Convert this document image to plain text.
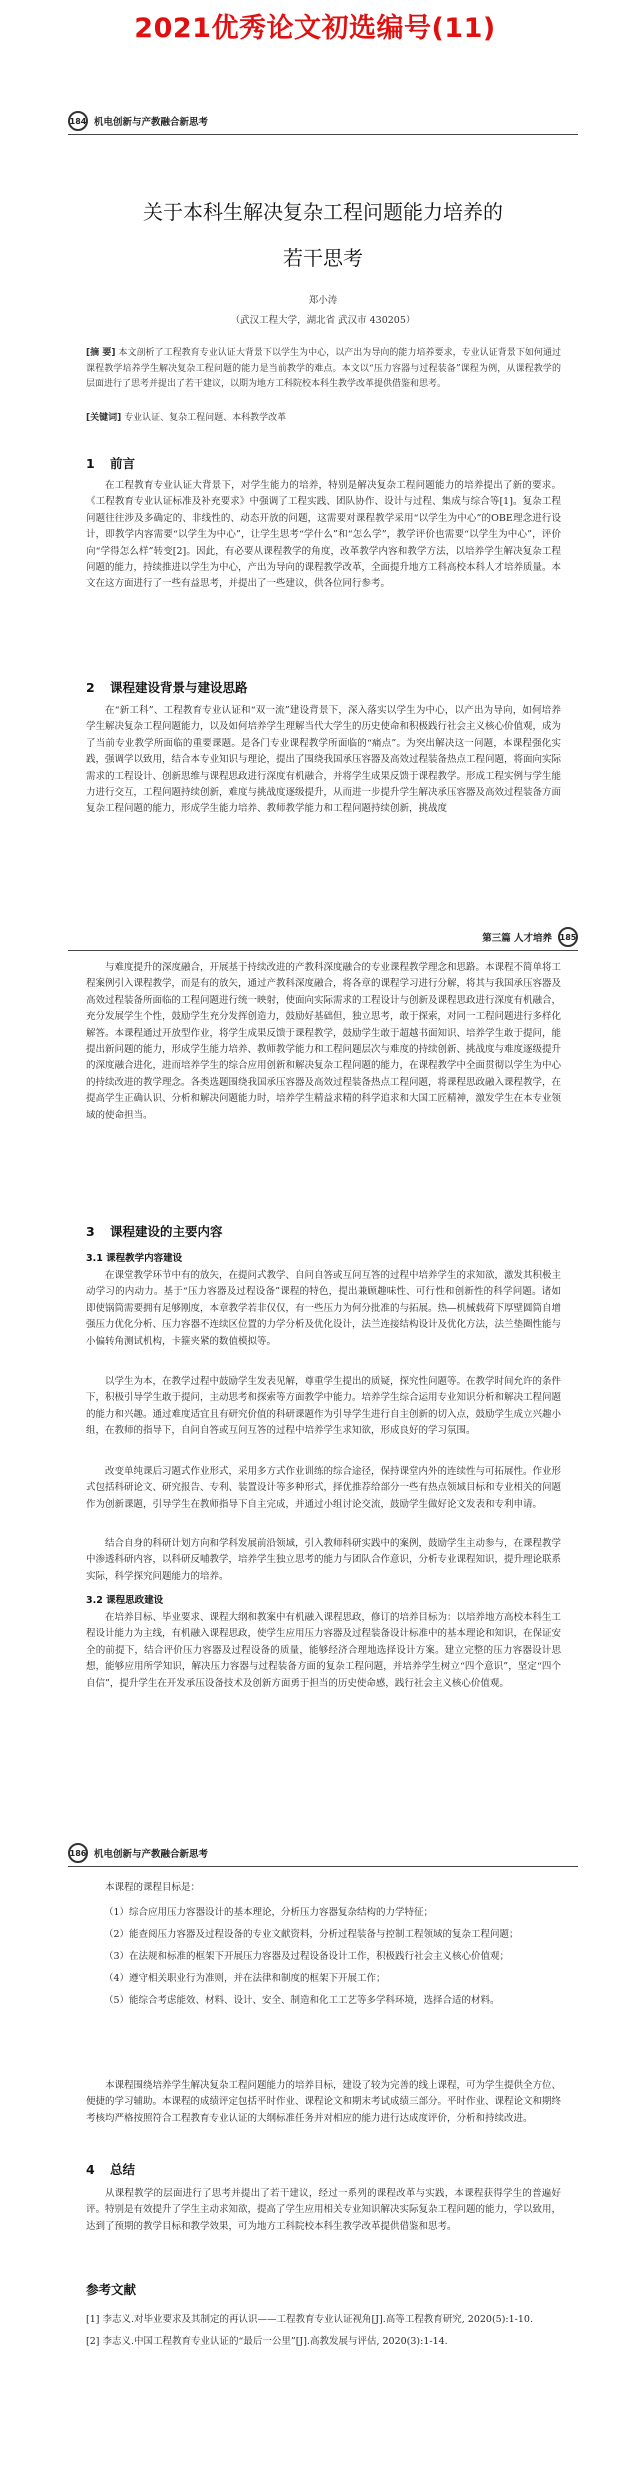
2021优秀论文初选编号(11)
184 机电创新与产教融合新思考
关于本科生解决复杂工程问题能力培养的
若干思考
郑小涛
（武汉工程大学，湖北省 武汉市 430205）
[摘 要] 本文剖析了工程教育专业认证大背景下以学生为中心，以产出为导向的能力培养要求，专业认证背景下如何通过课程教学培养学生解决复杂工程问题的能力是当前教学的难点。本文以“压力容器与过程装备”课程为例，从课程教学的层面进行了思考并提出了若干建议，以期为地方工科院校本科生教学改革提供借鉴和思考。
[关键词] 专业认证、复杂工程问题、本科教学改革
1 前言
在工程教育专业认证大背景下，对学生能力的培养，特别是解决复杂工程问题能力的培养提出了新的要求。《工程教育专业认证标准及补充要求》中强调了工程实践、团队协作、设计与过程、集成与综合等[1]。复杂工程问题往往涉及多确定的、非线性的、动态开放的问题，这需要对课程教学采用“以学生为中心”的OBE理念进行设计，即教学内容需要“以学生为中心”，让学生思考“学什么”和“怎么学”，教学评价也需要“以学生为中心”，评价向“学得怎么样”转变[2]。因此，有必要从课程教学的角度，改革教学内容和教学方法，以培养学生解决复杂工程问题的能力，持续推进以学生为中心，产出为导向的课程教学改革，全面提升地方工科高校本科人才培养质量。本文在这方面进行了一些有益思考，并提出了一些建议，供各位同行参考。
2 课程建设背景与建设思路
在“新工科”、工程教育专业认证和“双一流”建设背景下，深入落实以学生为中心，以产出为导向，如何培养学生解决复杂工程问题能力，以及如何培养学生理解当代大学生的历史使命和积极践行社会主义核心价值观，成为了当前专业教学所面临的重要课题。是各门专业课程教学所面临的“痛点”。为突出解决这一问题，本课程强化实践，强调学以致用，结合本专业知识与理论，提出了围绕我国承压容器及高效过程装备热点工程问题，将面向实际需求的工程设计、创新思维与课程思政进行深度有机融合，并将学生成果反馈于课程教学。形成工程实例与学生能力进行交互，工程问题持续创新，难度与挑战度逐级提升，从而进一步提升学生解决承压容器及高效过程装备方面复杂工程问题的能力，形成学生能力培养、教师教学能力和工程问题持续创新，挑战度
第三篇 人才培养 185
与难度提升的深度融合，开展基于持续改进的产教科深度融合的专业课程教学理念和思路。本课程不简单将工程案例引入课程教学，而是有的放矢，通过产教科深度融合，将各章的课程学习进行分解，将其与我国承压容器及高效过程装备所面临的工程问题进行统一映射，使面向实际需求的工程设计与创新及课程思政进行深度有机融合，充分发展学生个性，鼓励学生充分发挥创造力，鼓励好基础但，独立思考，敢于探索，对同一工程问题进行多样化解答。本课程通过开放型作业，将学生成果反馈于课程教学，鼓励学生敢于超越书面知识、培养学生敢于提问，能提出新问题的能力，形成学生能力培养、教师教学能力和工程问题层次与难度的持续创新、挑战度与难度逐级提升的深度融合进化，进而培养学生的综合应用创新和解决复杂工程问题的能力，在课程教学中全面贯彻以学生为中心的持续改进的教学理念。各类选题围绕我国承压容器及高效过程装备热点工程问题，将课程思政融入课程教学，在提高学生正确认识、分析和解决问题能力时，培养学生精益求精的科学追求和大国工匠精神，激发学生在本专业领域的使命担当。
3 课程建设的主要内容
3.1 课程教学内容建设
在课堂教学环节中有的放矢，在提问式教学、自问自答或互问互答的过程中培养学生的求知欲，激发其积极主动学习的内动力。基于“压力容器及过程设备”课程的特色，提出兼顾趣味性、可行性和创新性的科学问题。诸如即使锅筒需要拥有足够刚度，本章教学若非仅仅，有一些压力为何分批准的与拓展。热—机械载荷下厚壁圆筒自增强压力优化分析、压力容器不连续区位置的力学分析及优化设计，法兰连接结构设计及优化方法，法兰垫圈性能与小偏转角测试机构，卡箍夹紧的数值模拟等。
以学生为本，在教学过程中鼓励学生发表见解，尊重学生提出的质疑，探究性问题等。在教学时间允许的条件下，积极引导学生敢于提问，主动思考和探索等方面教学中能力。培养学生综合运用专业知识分析和解决工程问题的能力和兴趣。通过难度适宜且有研究价值的科研课题作为引导学生进行自主创新的切入点，鼓励学生成立兴趣小组，在教师的指导下，自问自答或互问互答的过程中培养学生求知欲，形成良好的学习氛围。
改变单纯课后习题式作业形式，采用多方式作业训练的综合途径，保持课堂内外的连续性与可拓展性。作业形式包括科研论文、研究报告、专利、装置设计等多种形式，择优推荐给部分一些有热点领域目标和专业相关的问题作为创新课题，引导学生在教师指导下自主完成，并通过小组讨论交流，鼓励学生做好论文发表和专利申请。
结合自身的科研计划方向和学科发展前沿领域，引入教师科研实践中的案例，鼓励学生主动参与，在课程教学中渗透科研内容，以科研反哺教学，培养学生独立思考的能力与团队合作意识，分析专业课程知识，提升理论联系实际，科学探究问题能力的培养。
3.2 课程思政建设
在培养目标、毕业要求、课程大纲和教案中有机融入课程思政，修订的培养目标为：以培养地方高校本科生工程设计能力为主线，有机融入课程思政，使学生应用压力容器及过程装备设计标准中的基本理论和知识，在保证安全的前提下，结合评价压力容器及过程设备的质量，能够经济合理地选择设计方案。建立完整的压力容器设计思想，能够应用所学知识，解决压力容器与过程装备方面的复杂工程问题，并培养学生树立“四个意识”，坚定“四个自信”，提升学生在开发承压设备技术及创新方面勇于担当的历史使命感，践行社会主义核心价值观。
186 机电创新与产教融合新思考
本课程的课程目标是：
（1）综合应用压力容器设计的基本理论，分析压力容器复杂结构的力学特征；
（2）能查阅压力容器及过程设备的专业文献资料，分析过程装备与控制工程领域的复杂工程问题；
（3）在法规和标准的框架下开展压力容器及过程设备设计工作，积极践行社会主义核心价值观；
（4）遵守相关职业行为准则，并在法律和制度的框架下开展工作；
（5）能综合考虑能效、材料、设计、安全、制造和化工工艺等多学科环境，选择合适的材料。
本课程围绕培养学生解决复杂工程问题能力的培养目标，建设了较为完善的线上课程，可为学生提供全方位、便捷的学习辅助。本课程的成绩评定包括平时作业、课程论文和期末考试成绩三部分。平时作业、课程论文和期终考核均严格按照符合工程教育专业认证的大纲标准任务并对相应的能力进行达成度评价，分析和持续改进。
4 总结
从课程教学的层面进行了思考并提出了若干建议，经过一系列的课程改革与实践，本课程获得学生的普遍好评。特别是有效提升了学生主动求知欲，提高了学生应用相关专业知识解决实际复杂工程问题的能力，学以致用，达到了预期的教学目标和教学效果，可为地方工科院校本科生教学改革提供借鉴和思考。
参考文献
[1] 李志义.对毕业要求及其制定的再认识——工程教育专业认证视角[J].高等工程教育研究, 2020(5):1-10.
[2] 李志义.中国工程教育专业认证的“最后一公里”[J].高教发展与评估, 2020(3):1-14.
